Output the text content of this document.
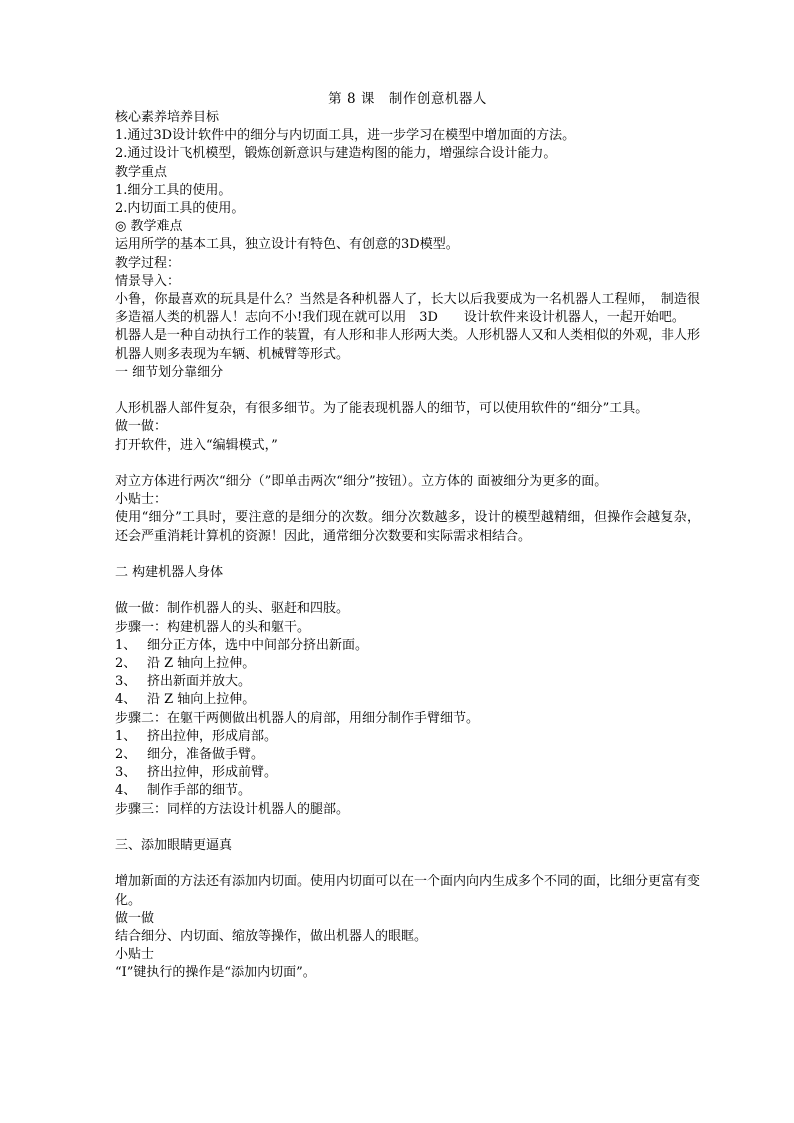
第 8 课　制作创意机器人

核心素养培养目标

1.通过3D设计软件中的细分与内切面工具，进一步学习在模型中增加面的方法。

2.通过设计飞机模型，锻炼创新意识与建造构图的能力，增强综合设计能力。

教学重点

1.细分工具的使用。

2.内切面工具的使用。

◎ 教学难点

运用所学的基本工具，独立设计有特色、有创意的3D模型。

教学过程：

情景导入：

小鲁，你最喜欢的玩具是什么？当然是各种机器人了，长大以后我要成为一名机器人工程师，　制造很多造福人类的机器人！志向不小!我们现在就可以用　3D　　设计软件来设计机器人，一起开始吧。

机器人是一种自动执行工作的装置，有人形和非人形两大类。人形机器人又和人类相似的外观，非人形机器人则多表现为车辆、机械臂等形式。

一 细节划分靠细分

人形机器人部件复杂，有很多细节。为了能表现机器人的细节，可以使用软件的“细分”工具。

做一做：

打开软件，进入“编辑模式，”

对立方体进行两次“细分（”即单击两次“细分”按钮）。立方体的 面被细分为更多的面。

小贴士：

使用“细分”工具时，要注意的是细分的次数。细分次数越多，设计的模型越精细，但操作会越复杂，还会严重消耗计算机的资源！因此，通常细分次数要和实际需求相结合。

二 构建机器人身体

做一做：制作机器人的头、驱赶和四肢。

步骤一：构建机器人的头和躯干。

1、 细分正方体，选中中间部分挤出新面。

2、 沿 Z 轴向上拉伸。

3、 挤出新面并放大。

4、 沿 Z 轴向上拉伸。

步骤二：在躯干两侧做出机器人的肩部，用细分制作手臂细节。

1、 挤出拉伸，形成肩部。

2、 细分，准备做手臂。

3、 挤出拉伸，形成前臂。

4、 制作手部的细节。

步骤三：同样的方法设计机器人的腿部。

三、添加眼睛更逼真

增加新面的方法还有添加内切面。使用内切面可以在一个面内向内生成多个不同的面，比细分更富有变化。

做一做

结合细分、内切面、缩放等操作，做出机器人的眼眶。

小贴士

“I”键执行的操作是“添加内切面”。
